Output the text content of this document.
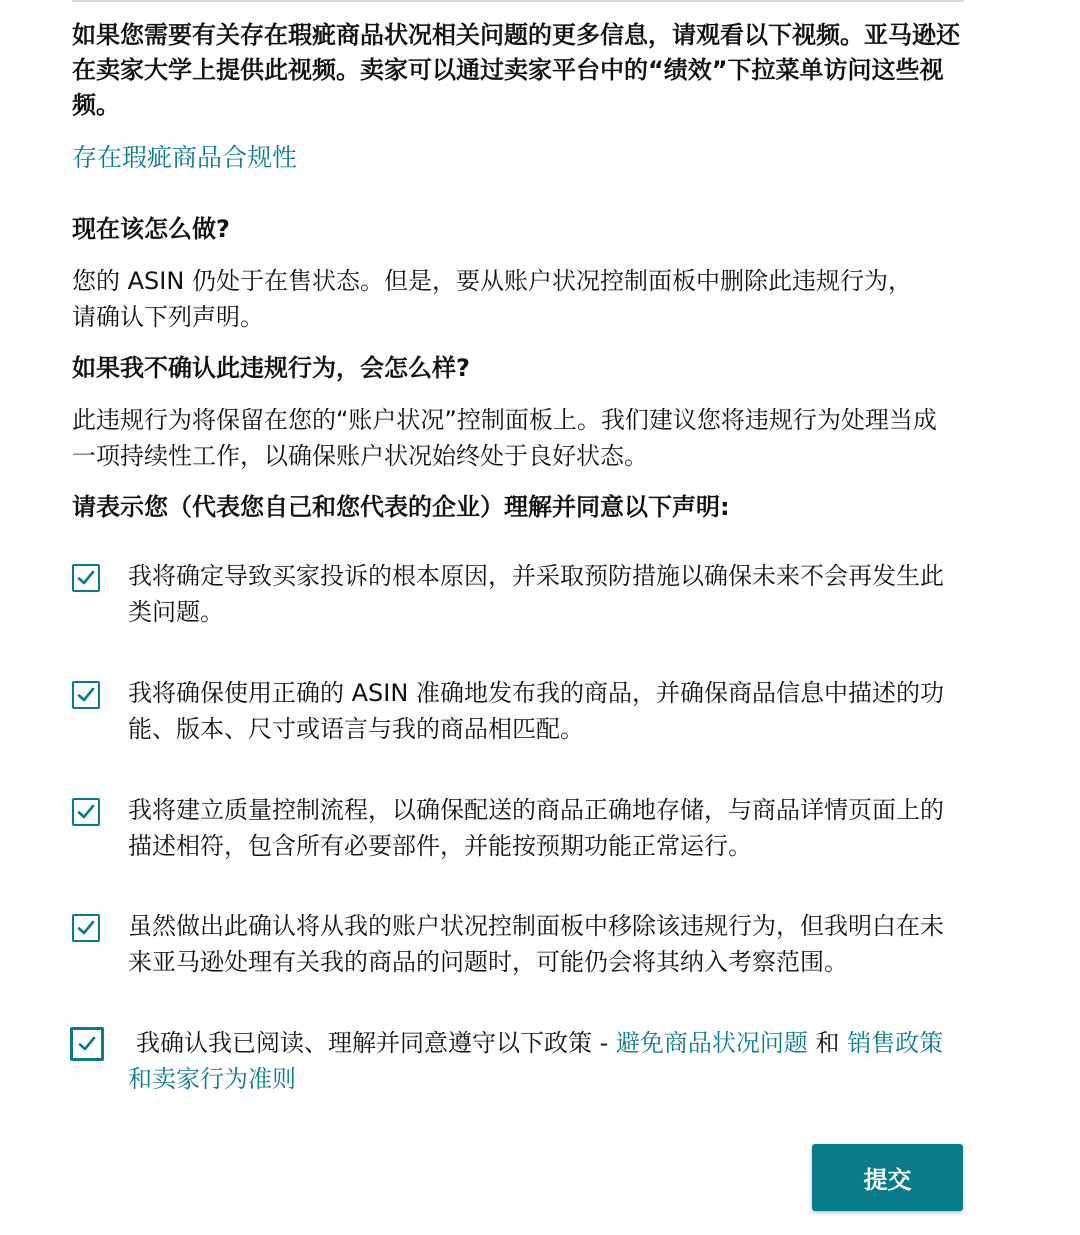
如果您需要有关存在瑕疵商品状况相关问题的更多信息，请观看以下视频。亚马逊还在卖家大学上提供此视频。卖家可以通过卖家平台中的“绩效”下拉菜单访问这些视频。

存在瑕疵商品合规性

现在该怎么做?

您的 ASIN 仍处于在售状态。但是，要从账户状况控制面板中删除此违规行为，请确认下列声明。

如果我不确认此违规行为，会怎么样?

此违规行为将保留在您的“账户状况”控制面板上。我们建议您将违规行为处理当成一项持续性工作，以确保账户状况始终处于良好状态。

请表示您（代表您自己和您代表的企业）理解并同意以下声明:

我将确定导致买家投诉的根本原因，并采取预防措施以确保未来不会再发生此类问题。

我将确保使用正确的 ASIN 准确地发布我的商品，并确保商品信息中描述的功能、版本、尺寸或语言与我的商品相匹配。

我将建立质量控制流程，以确保配送的商品正确地存储，与商品详情页面上的描述相符，包含所有必要部件，并能按预期功能正常运行。

虽然做出此确认将从我的账户状况控制面板中移除该违规行为，但我明白在未来亚马逊处理有关我的商品的问题时，可能仍会将其纳入考察范围。

我确认我已阅读、理解并同意遵守以下政策 - 避免商品状况问题 和 销售政策和卖家行为准则

提交
